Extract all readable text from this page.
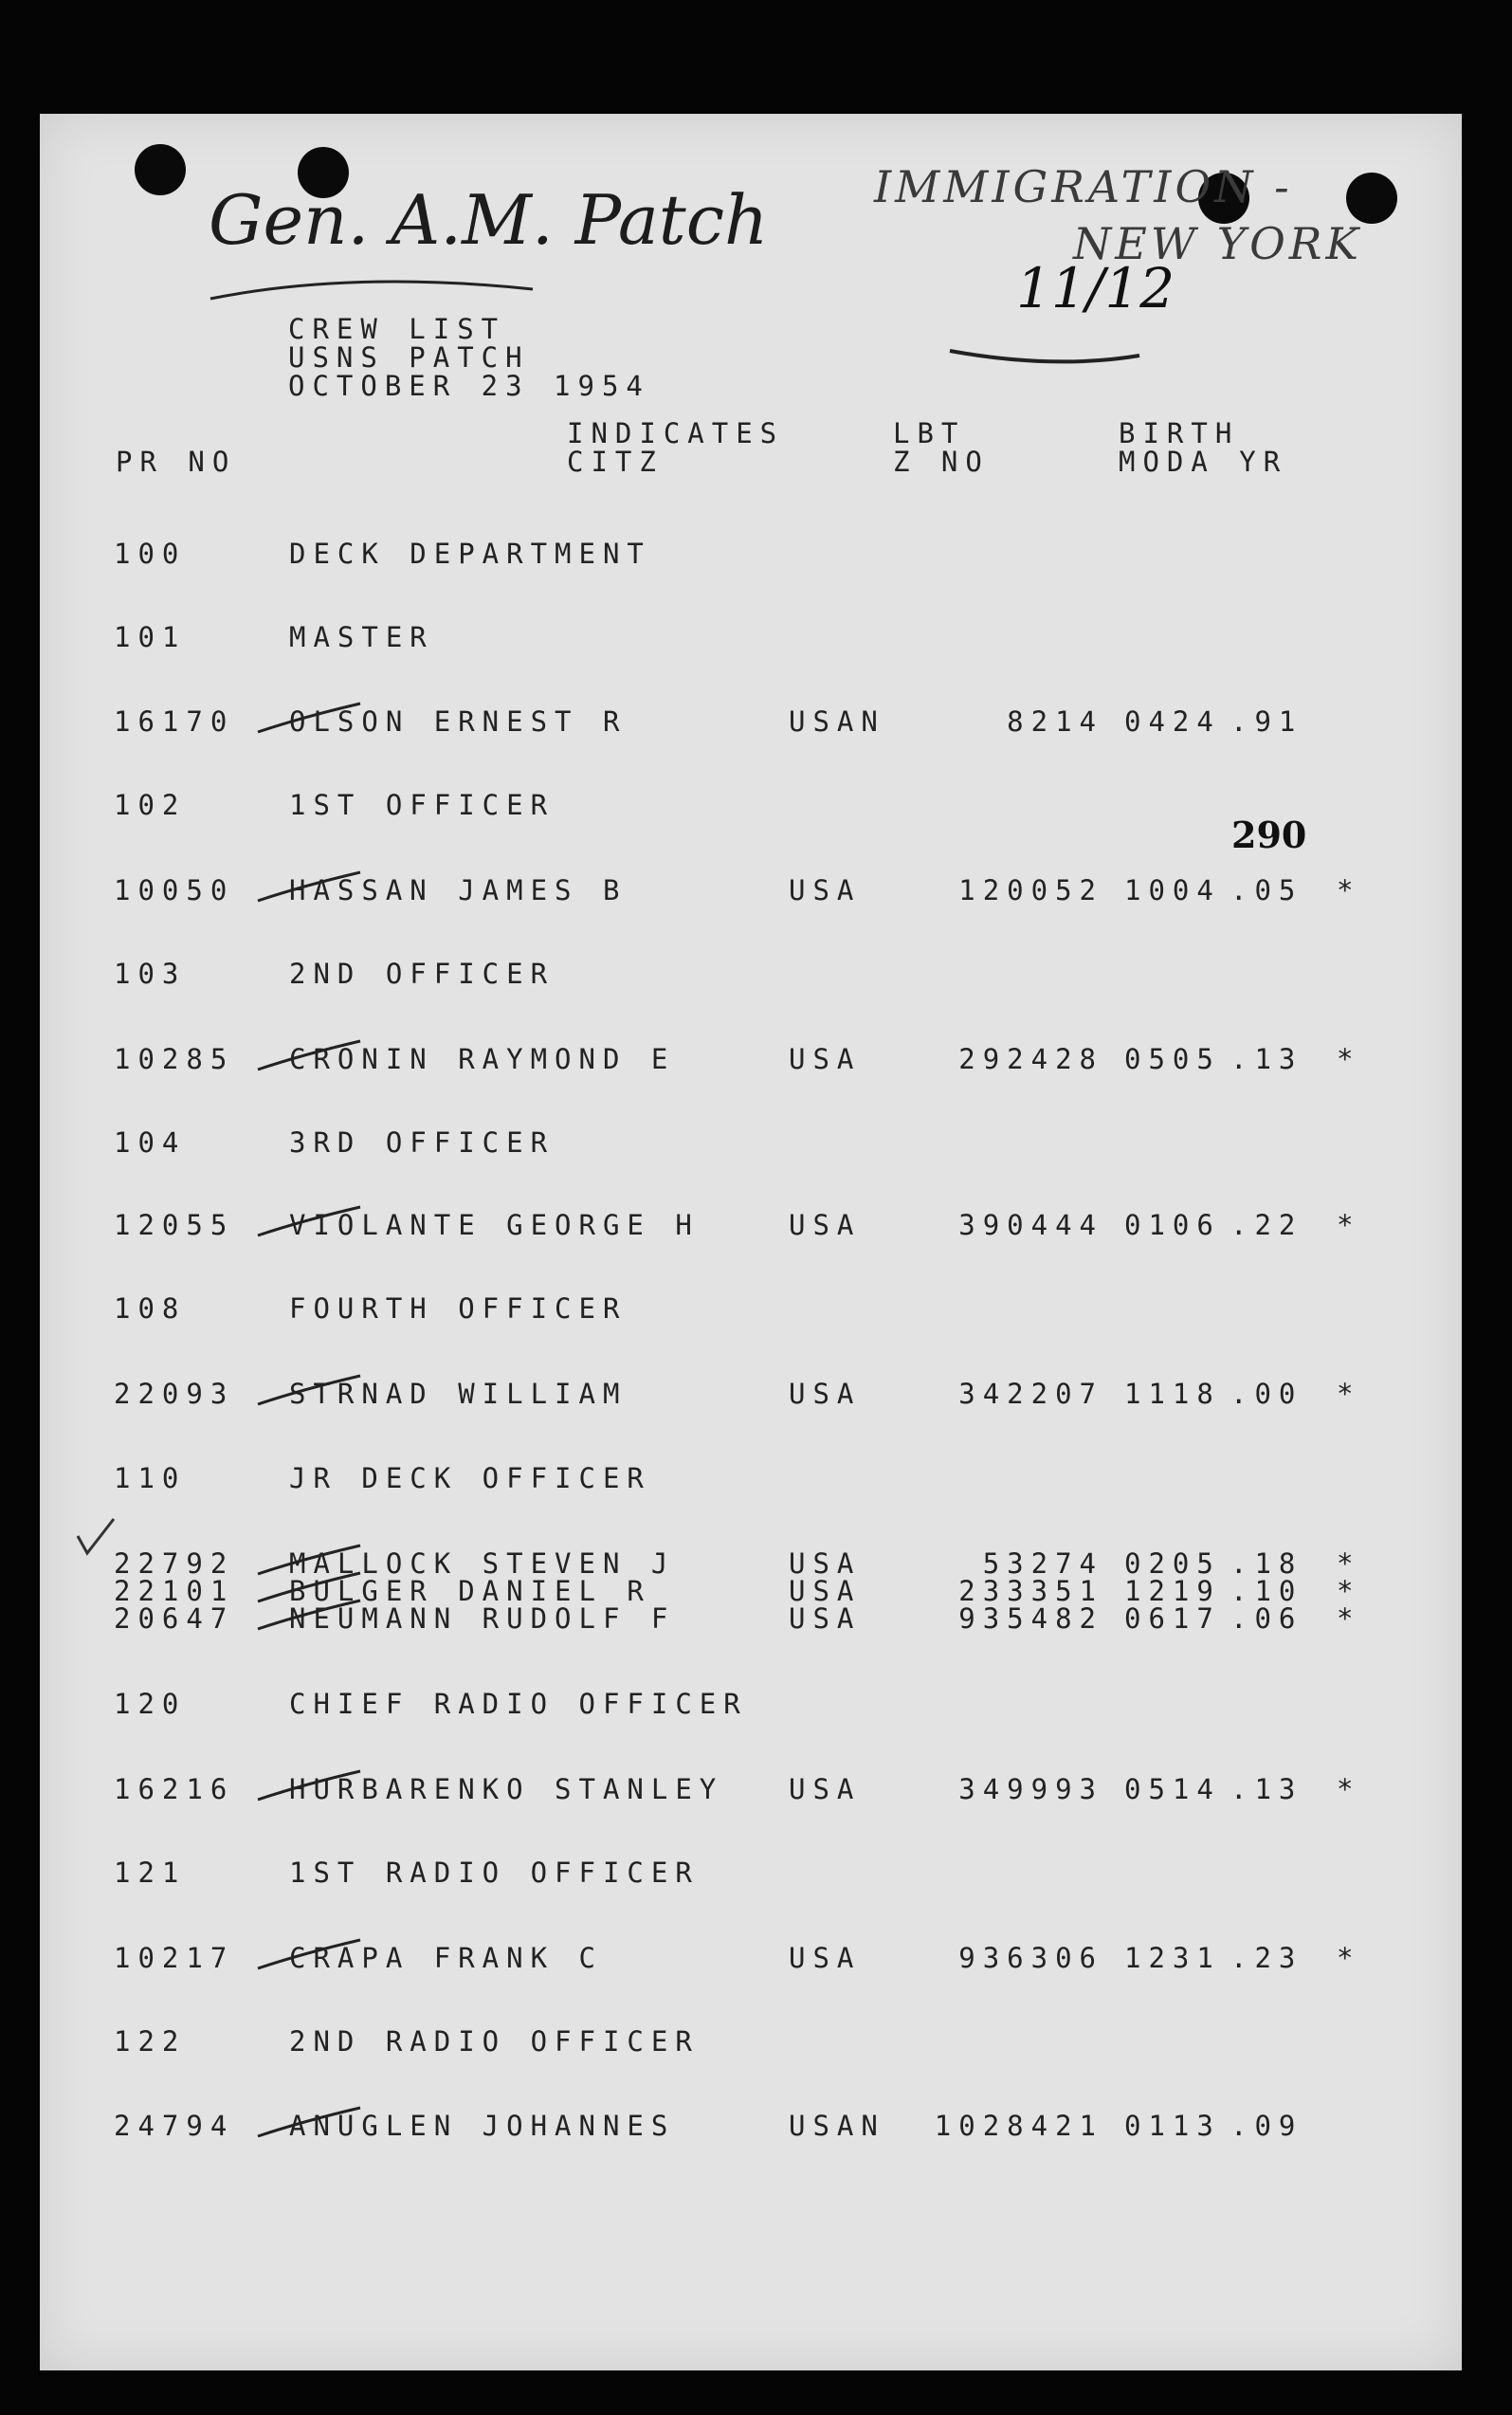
Gen. A.M. Patch IMMIGRATION -
NEW YORK
11/12
CREW LIST
USNS PATCH
OCTOBER 23 1954
PR NO
INDICATES
CITZ
LBT
Z NO
BIRTH
MODA YR
290
100	DECK DEPARTMENT
101	MASTER
16170 OLSON ERNEST R	USAN	8214 0424 .91
102	1ST OFFICER
10050 HASSAN JAMES B	USA	120052 1004 .05 *
103	2ND OFFICER
10285 CRONIN RAYMOND E	USA	292428 0505 .13 *
104	3RD OFFICER
12055 VIOLANTE GEORGE H	USA	390444 0106 .22 *
108	FOURTH OFFICER
22093 STRNAD WILLIAM	USA	342207 1118 .00 *
110	JR DECK OFFICER
22792 MALLOCK STEVEN J	USA	53274 0205 .18 *
22101 BULGER DANIEL R	USA	233351 1219 .10 *
20647 NEUMANN RUDOLF F	USA	935482 0617 .06 *
120	CHIEF RADIO OFFICER
16216 HURBARENKO STANLEY USA	349993 0514 .13 *
121	1ST RADIO OFFICER
10217 CRAPA FRANK C	USA	936306 1231 .23 *
122	2ND RADIO OFFICER
24794 ANUGLEN JOHANNES	USAN	1028421 0113 .09
